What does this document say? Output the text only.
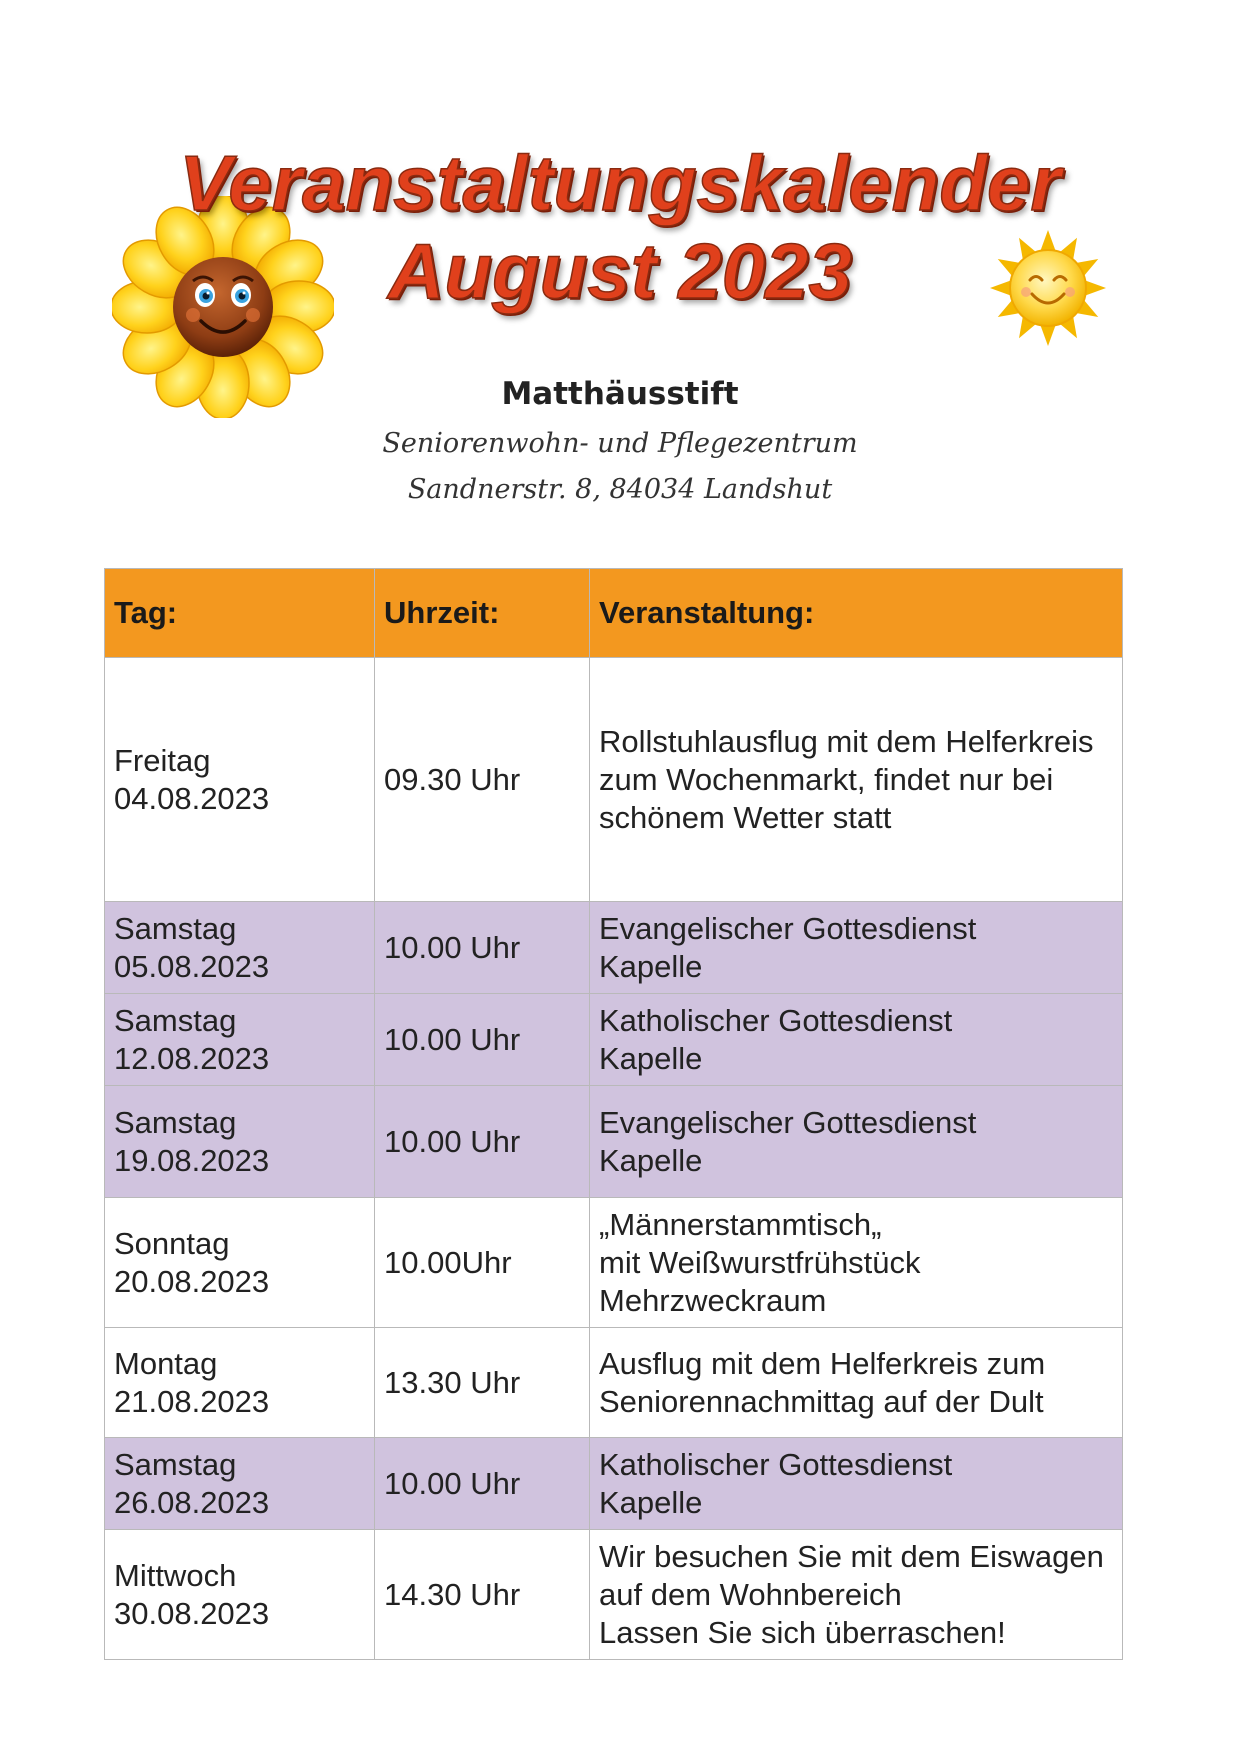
Veranstaltungskalender
August 2023
Matthäusstift
Seniorenwohn- und Pflegezentrum
Sandnerstr. 8, 84034 Landshut
Tag:	Uhrzeit:	Veranstaltung:
Freitag
04.08.2023	09.30 Uhr	Rollstuhlausflug mit dem Helferkreis zum Wochenmarkt, findet nur bei schönem Wetter statt
Samstag
05.08.2023	10.00 Uhr	Evangelischer Gottesdienst
Kapelle
Samstag
12.08.2023	10.00 Uhr	Katholischer Gottesdienst
Kapelle
Samstag
19.08.2023	10.00 Uhr	Evangelischer Gottesdienst
Kapelle
Sonntag
20.08.2023	10.00Uhr	„Männerstammtisch„
mit Weißwurstfrühstück
Mehrzweckraum
Montag
21.08.2023	13.30 Uhr	Ausflug mit dem Helferkreis zum Seniorennachmittag auf der Dult
Samstag
26.08.2023	10.00 Uhr	Katholischer Gottesdienst
Kapelle
Mittwoch
30.08.2023	14.30 Uhr	Wir besuchen Sie mit dem Eiswagen auf dem Wohnbereich
Lassen Sie sich überraschen!
